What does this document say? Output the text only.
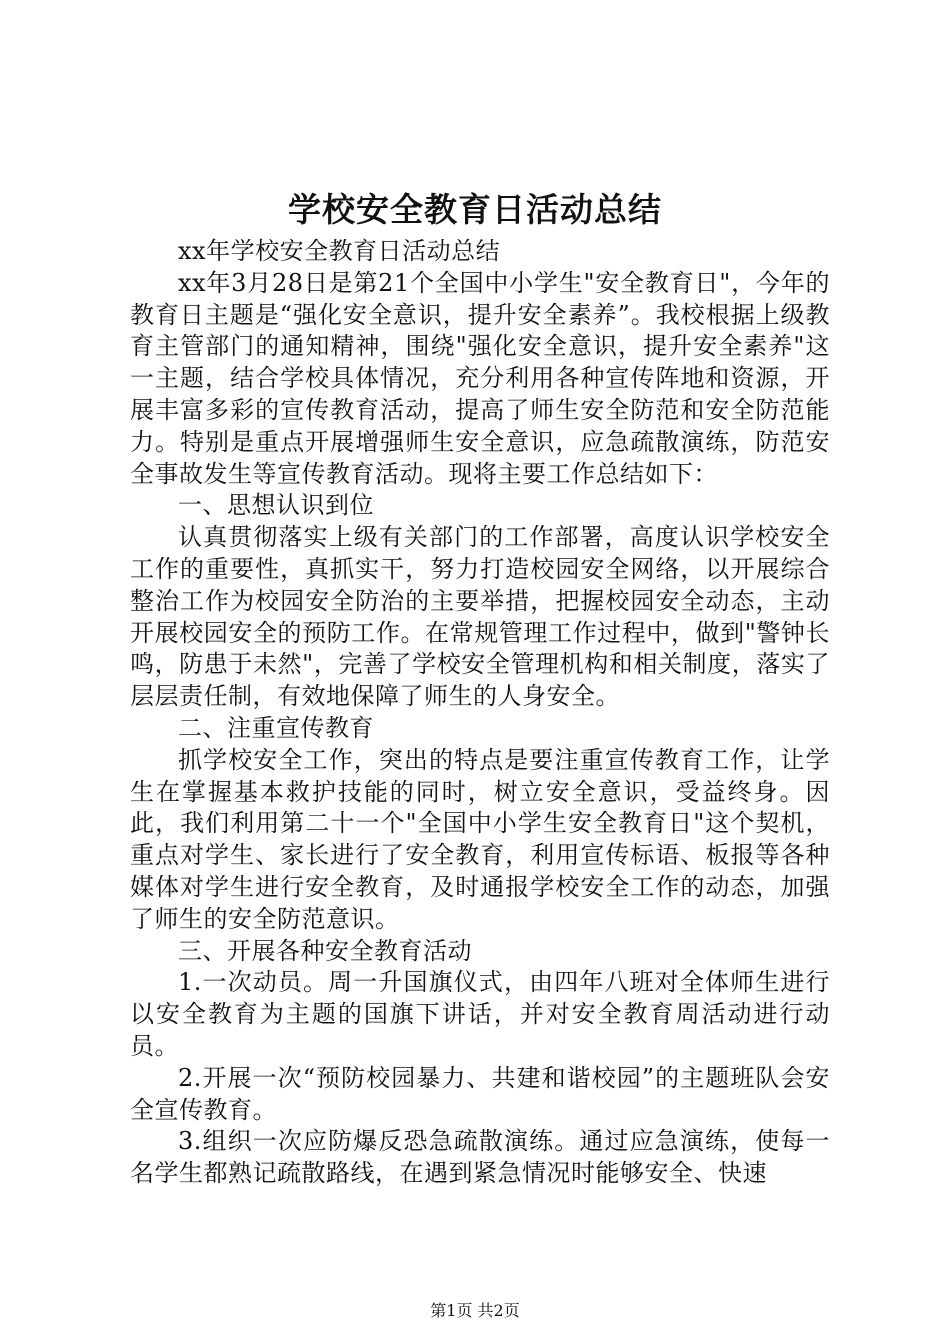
学校安全教育日活动总结

xx年学校安全教育日活动总结

xx年3月28日是第21个全国中小学生"安全教育日"，今年的教育日主题是“强化安全意识，提升安全素养”。我校根据上级教育主管部门的通知精神，围绕"强化安全意识，提升安全素养"这一主题，结合学校具体情况，充分利用各种宣传阵地和资源，开展丰富多彩的宣传教育活动，提高了师生安全防范和安全防范能力。特别是重点开展增强师生安全意识，应急疏散演练，防范安全事故发生等宣传教育活动。现将主要工作总结如下：

一、思想认识到位

认真贯彻落实上级有关部门的工作部署，高度认识学校安全工作的重要性，真抓实干，努力打造校园安全网络，以开展综合整治工作为校园安全防治的主要举措，把握校园安全动态，主动开展校园安全的预防工作。在常规管理工作过程中，做到"警钟长鸣，防患于未然"，完善了学校安全管理机构和相关制度，落实了层层责任制，有效地保障了师生的人身安全。

二、注重宣传教育

抓学校安全工作，突出的特点是要注重宣传教育工作，让学生在掌握基本救护技能的同时，树立安全意识，受益终身。因此，我们利用第二十一个"全国中小学生安全教育日"这个契机，重点对学生、家长进行了安全教育，利用宣传标语、板报等各种媒体对学生进行安全教育，及时通报学校安全工作的动态，加强了师生的安全防范意识。

三、开展各种安全教育活动

1.一次动员。周一升国旗仪式，由四年八班对全体师生进行以安全教育为主题的国旗下讲话，并对安全教育周活动进行动员。

2.开展一次“预防校园暴力、共建和谐校园”的主题班队会安全宣传教育。

3.组织一次应防爆反恐急疏散演练。通过应急演练，使每一名学生都熟记疏散路线，在遇到紧急情况时能够安全、快速

第1页 共2页
